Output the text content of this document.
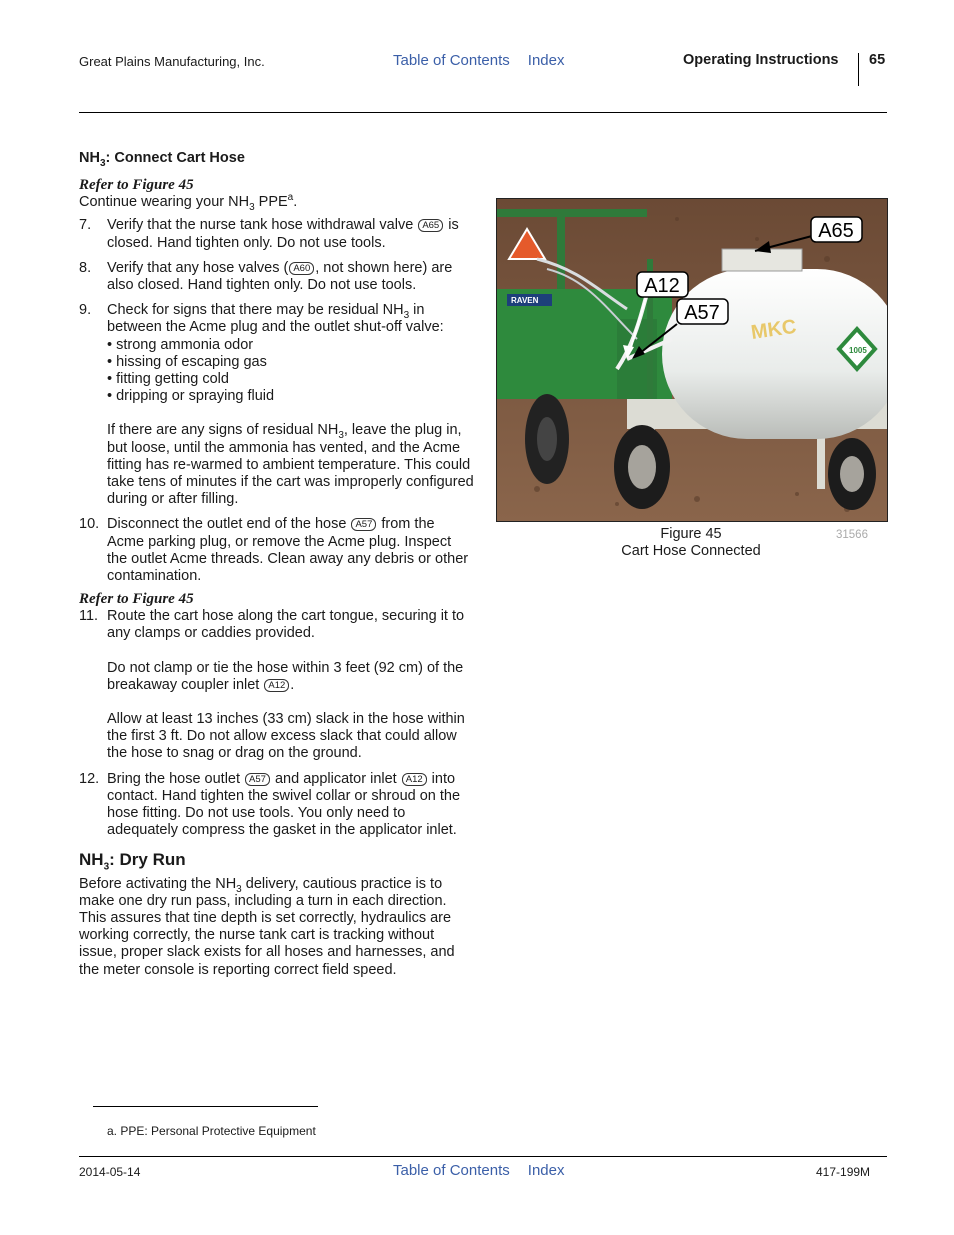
Great Plains Manufacturing, Inc.	Table of Contents Index	Operating Instructions 65
$NH_3$: Connect Cart Hose

Refer to Figure 45

Continue wearing your $NH_3$ PPE$^a$.

7. Verify that the nurse tank hose withdrawal valve A65 is closed. Hand tighten only. Do not use tools.
8. Verify that any hose valves ( A60 , not shown here) are also closed. Hand tighten only. Do not use tools.
9. Check for signs that there may be residual $NH_3$ in between the Acme plug and the outlet shut-off valve:
• strong ammonia odor
• hissing of escaping gas
• fitting getting cold
• dripping or spraying fluid
If there are any signs of residual $NH_3$, leave the plug in, but loose, until the ammonia has vented, and the Acme fitting has re-warmed to ambient temperature. This could take tens of minutes if the cart was improperly configured during or after filling.
10. Disconnect the outlet end of the hose A57 from the Acme parking plug, or remove the Acme plug. Inspect the outlet Acme threads. Clean away any debris or other contamination.

Refer to Figure 45

11. Route the cart hose along the cart tongue, securing it to any clamps or caddies provided.
Do not clamp or tie the hose within 3 feet (92 cm) of the breakaway coupler inlet A12 .
Allow at least 13 inches (33 cm) slack in the hose within the first 3 ft. Do not allow excess slack that could allow the hose to snag or drag on the ground.
12. Bring the hose outlet A57 and applicator inlet A12 into contact. Hand tighten the swivel collar or shroud on the hose fitting. Do not use tools. You only need to adequately compress the gasket in the applicator inlet.
$NH_3$: Dry Run

Before activating the $NH_3$ delivery, cautious practice is to make one dry run pass, including a turn in each direction. This assures that tine depth is set correctly, hydraulics are working correctly, the nurse tank cart is tracking without issue, proper slack exists for all hoses and harnesses, and the meter console is reporting correct field speed.

RAVEN
MKC
1005
A65
A12
A57
Figure 45
Cart Hose Connected
31566
a. PPE: Personal Protective Equipment
2014-05-14	Table of Contents Index	417-199M
